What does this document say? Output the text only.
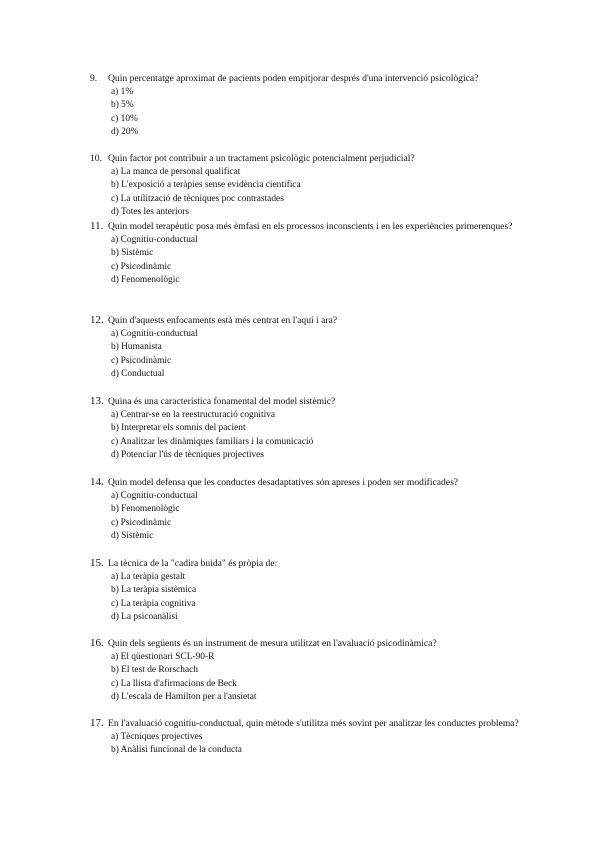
9.	Quin percentatge aproximat de pacients poden empitjorar després d'una intervenció psicològica?
a) 1%
b) 5%
c) 10%
d) 20%
10. Quin factor pot contribuir a un tractament psicològic potencialment perjudicial?
a) La manca de personal qualificat
b) L'exposició a teràpies sense evidència científica
c) La utilització de tècniques poc contrastades
d) Totes les anteriors
11. Quin model terapèutic posa més èmfasi en els processos inconscients i en les experiències primerenques?
a) Cognitiu-conductual
b) Sistèmic
c) Psicodinàmic
d) Fenomenològic
12. Quin d'aquests enfocaments està més centrat en l'aquí i ara?
a) Cognitiu-conductual
b) Humanista
c) Psicodinàmic
d) Conductual
13. Quina és una característica fonamental del model sistèmic?
a) Centrar-se en la reestructuració cognitiva
b) Interpretar els somnis del pacient
c) Analitzar les dinàmiques familiars i la comunicació
d) Potenciar l'ús de tècniques projectives
14. Quin model defensa que les conductes desadaptatives són apreses i poden ser modificades?
a) Cognitiu-conductual
b) Fenomenològic
c) Psicodinàmic
d) Sistèmic
15. La tècnica de la "cadira buida" és pròpia de:
a) La teràpia gestalt
b) La teràpia sistèmica
c) La teràpia cognitiva
d) La psicoanàlisi
16. Quin dels següents és un instrument de mesura utilitzat en l'avaluació psicodinàmica?
a) El qüestionari SCL-90-R
b) El test de Rorschach
c) La llista d'afirmacions de Beck
d) L'escala de Hamilton per a l'ansietat
17. En l'avaluació cognitiu-conductual, quin mètode s'utilitza més sovint per analitzar les conductes problema?
a) Tècniques projectives
b) Anàlisi funcional de la conducta
